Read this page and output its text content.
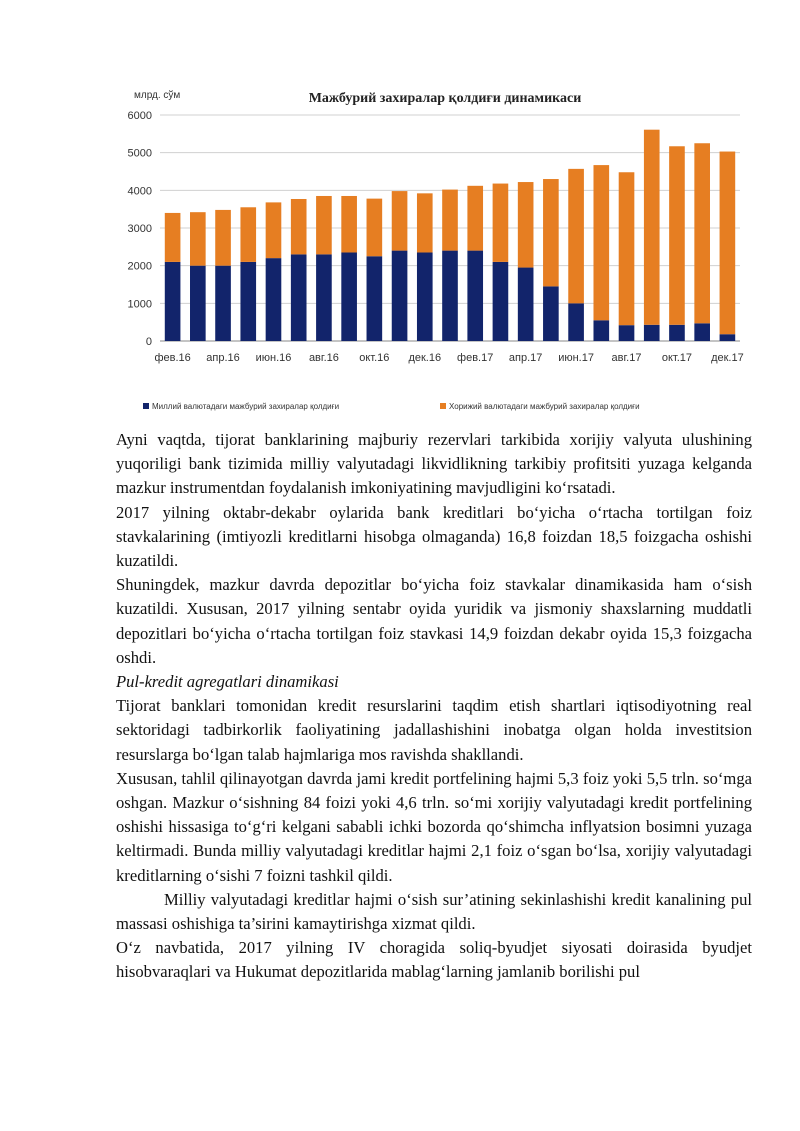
млрд. сўм	Мажбурий захиралар қолдиғи динамикаси
0
1000
2000
3000
4000
5000
6000
фев.16 апр.16 июн.16 авг.16 окт.16 дек.16 фев.17 апр.17 июн.17 авг.17 окт.17 дек.17
Миллий валютадаги мажбурий захиралар қолдиғи	Хорижий валютадаги мажбурий захиралар қолдиғи

Ayni vaqtda, tijorat banklarining majburiy rezervlari tarkibida xorijiy valyuta ulushining yuqoriligi bank tizimida milliy valyutadagi likvidlikning tarkibiy profitsiti yuzaga kelganda mazkur instrumentdan foydalanish imkoniyatining mavjudligini ko‘rsatadi.

2017 yilning oktabr-dekabr oylarida bank kreditlari bo‘yicha o‘rtacha tortilgan foiz stavkalarining (imtiyozli kreditlarni hisobga olmaganda) 16,8 foizdan 18,5 foizgacha oshishi kuzatildi.

Shuningdek, mazkur davrda depozitlar bo‘yicha foiz stavkalar dinamikasida ham o‘sish kuzatildi. Xususan, 2017 yilning sentabr oyida yuridik va jismoniy shaxslarning muddatli depozitlari bo‘yicha o‘rtacha tortilgan foiz stavkasi 14,9 foizdan dekabr oyida 15,3 foizgacha oshdi.

Pul-kredit agregatlari dinamikasi

Tijorat banklari tomonidan kredit resurslarini taqdim etish shartlari iqtisodiyotning real sektoridagi tadbirkorlik faoliyatining jadallashishini inobatga olgan holda investitsion resurslarga bo‘lgan talab hajmlariga mos ravishda shakllandi.

Xususan, tahlil qilinayotgan davrda jami kredit portfelining hajmi 5,3 foiz yoki 5,5 trln. so‘mga oshgan. Mazkur o‘sishning 84 foizi yoki 4,6 trln. so‘mi xorijiy valyutadagi kredit portfelining oshishi hissasiga to‘g‘ri kelgani sababli ichki bozorda qo‘shimcha inflyatsion bosimni yuzaga keltirmadi. Bunda milliy valyutadagi kreditlar hajmi 2,1 foiz o‘sgan bo‘lsa, xorijiy valyutadagi kreditlarning o‘sishi 7 foizni tashkil qildi.

Milliy valyutadagi kreditlar hajmi o‘sish sur’atining sekinlashishi kredit kanalining pul massasi oshishiga ta’sirini kamaytirishga xizmat qildi.

O‘z navbatida, 2017 yilning IV choragida soliq-byudjet siyosati doirasida byudjet hisobvaraqlari va Hukumat depozitlarida mablag‘larning jamlanib borilishi pul
